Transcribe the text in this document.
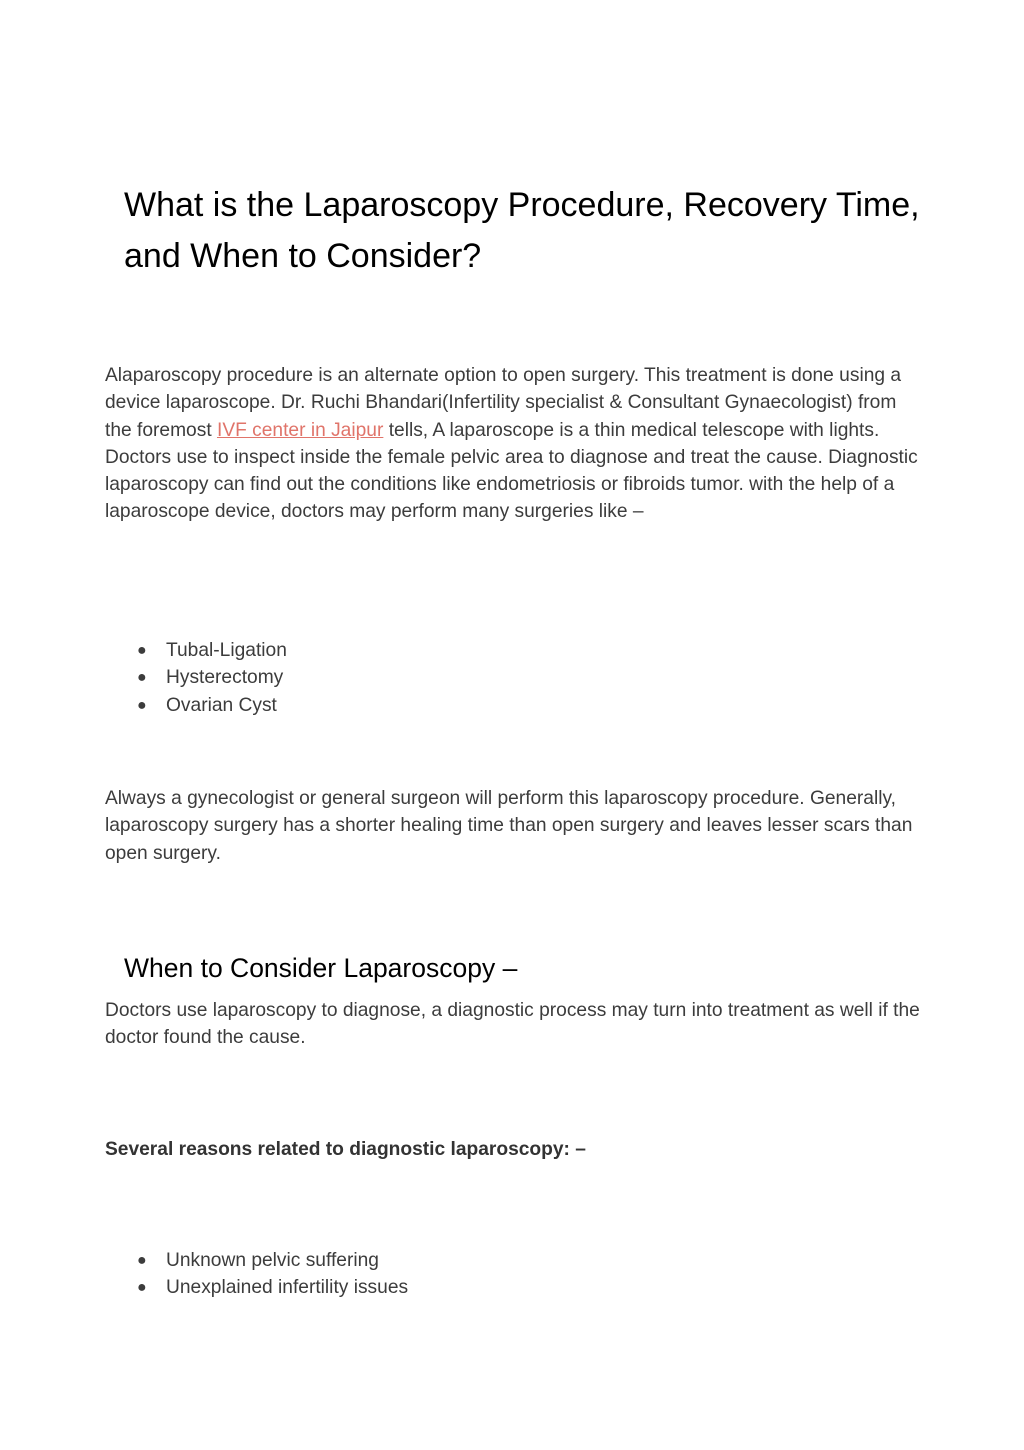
What is the Laparoscopy Procedure, Recovery Time, and When to Consider?

Alaparoscopy procedure is an alternate option to open surgery. This treatment is done using a device laparoscope. Dr. Ruchi Bhandari(Infertility specialist & Consultant Gynaecologist) from the foremost IVF center in Jaipur tells, A laparoscope is a thin medical telescope with lights. Doctors use to inspect inside the female pelvic area to diagnose and treat the cause. Diagnostic laparoscopy can find out the conditions like endometriosis or fibroids tumor. with the help of a laparoscope device, doctors may perform many surgeries like –

● Tubal-Ligation
● Hysterectomy
● Ovarian Cyst

Always a gynecologist or general surgeon will perform this laparoscopy procedure. Generally, laparoscopy surgery has a shorter healing time than open surgery and leaves lesser scars than open surgery.

When to Consider Laparoscopy –

Doctors use laparoscopy to diagnose, a diagnostic process may turn into treatment as well if the doctor found the cause.

Several reasons related to diagnostic laparoscopy: –

● Unknown pelvic suffering
● Unexplained infertility issues
